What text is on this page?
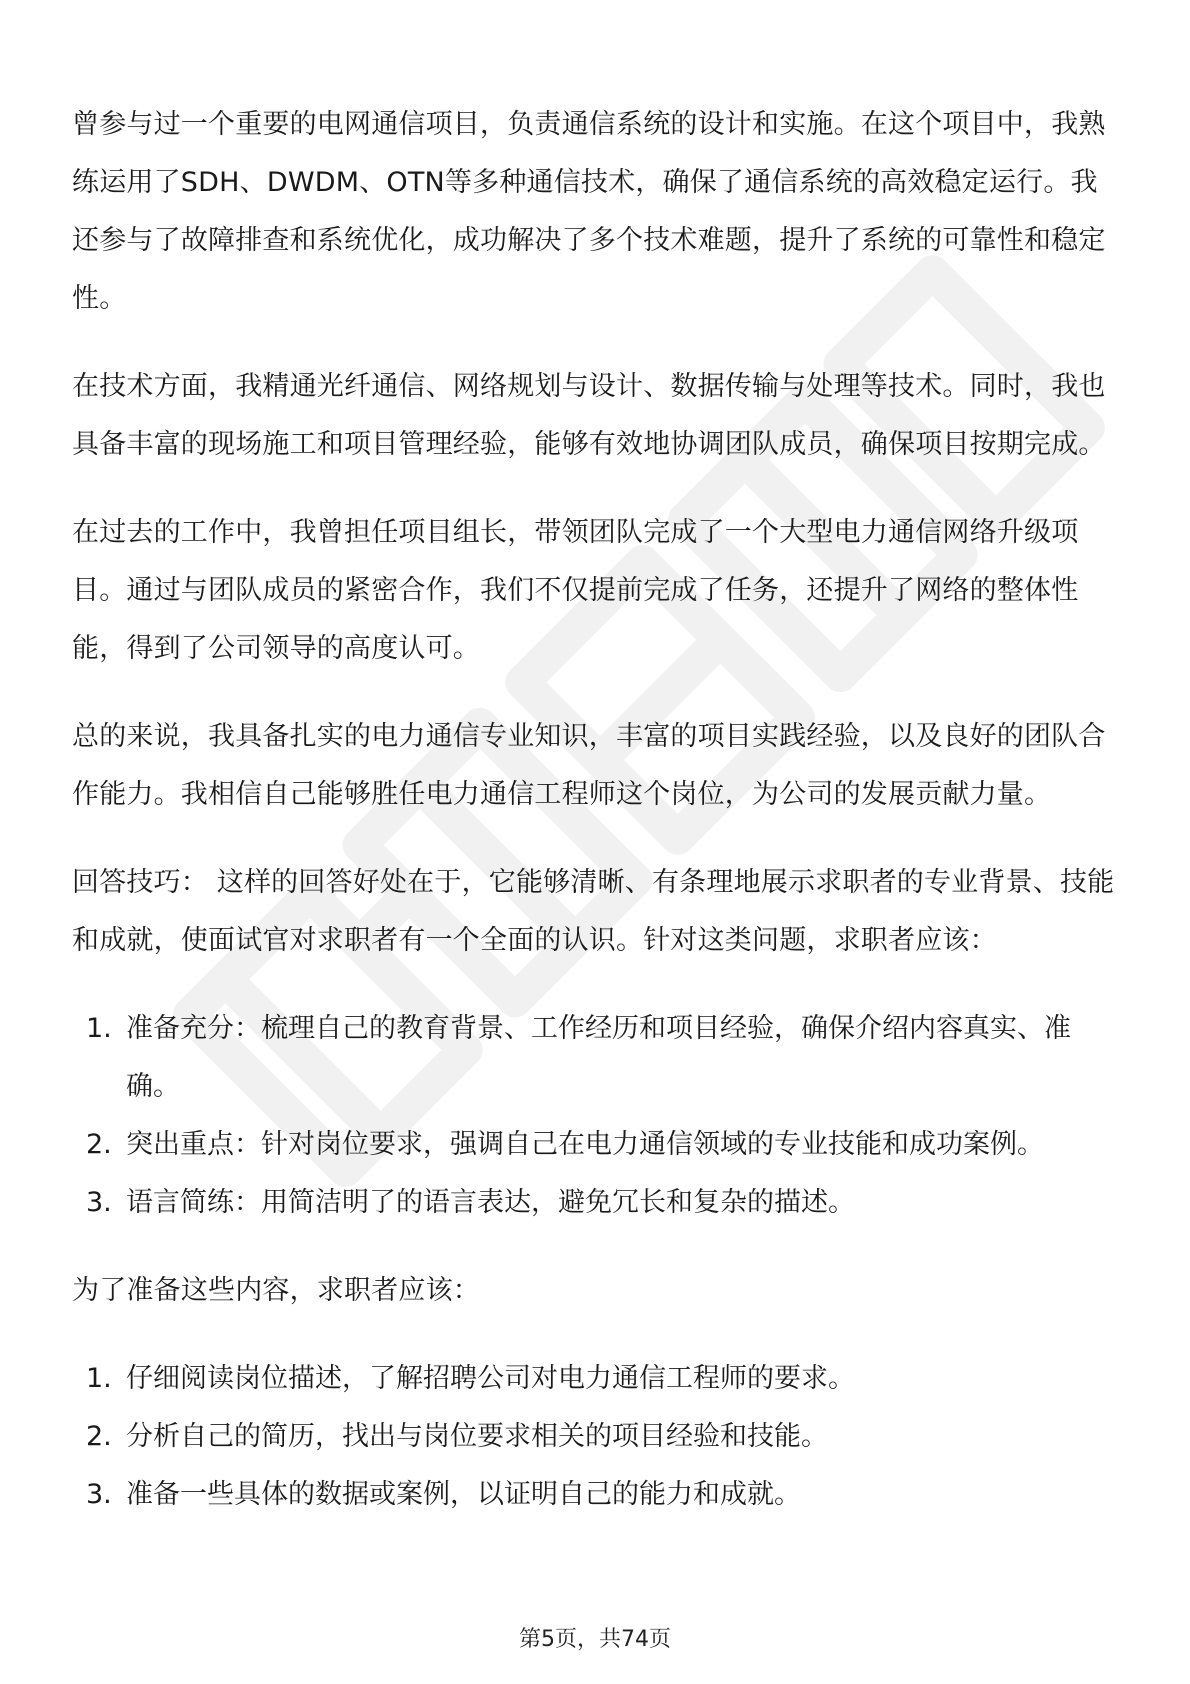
曾参与过一个重要的电网通信项目，负责通信系统的设计和实施。在这个项目中，我熟练运用了SDH、DWDM、OTN等多种通信技术，确保了通信系统的高效稳定运行。我还参与了故障排查和系统优化，成功解决了多个技术难题，提升了系统的可靠性和稳定性。

在技术方面，我精通光纤通信、网络规划与设计、数据传输与处理等技术。同时，我也具备丰富的现场施工和项目管理经验，能够有效地协调团队成员，确保项目按期完成。

在过去的工作中，我曾担任项目组长，带领团队完成了一个大型电力通信网络升级项目。通过与团队成员的紧密合作，我们不仅提前完成了任务，还提升了网络的整体性能，得到了公司领导的高度认可。

总的来说，我具备扎实的电力通信专业知识，丰富的项目实践经验，以及良好的团队合作能力。我相信自己能够胜任电力通信工程师这个岗位，为公司的发展贡献力量。

回答技巧： 这样的回答好处在于，它能够清晰、有条理地展示求职者的专业背景、技能和成就，使面试官对求职者有一个全面的认识。针对这类问题，求职者应该：

1. 准备充分：梳理自己的教育背景、工作经历和项目经验，确保介绍内容真实、准确。
2. 突出重点：针对岗位要求，强调自己在电力通信领域的专业技能和成功案例。
3. 语言简练：用简洁明了的语言表达，避免冗长和复杂的描述。

为了准备这些内容，求职者应该：

1. 仔细阅读岗位描述，了解招聘公司对电力通信工程师的要求。
2. 分析自己的简历，找出与岗位要求相关的项目经验和技能。
3. 准备一些具体的数据或案例，以证明自己的能力和成就。
第5页，共74页
